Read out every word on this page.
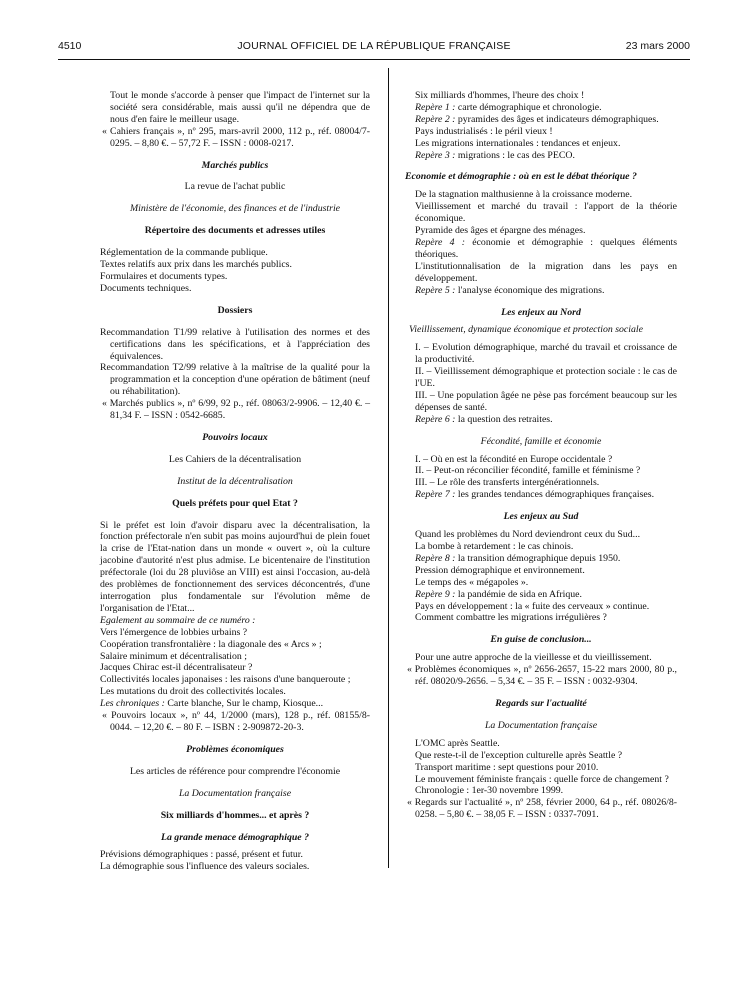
4510	JOURNAL OFFICIEL DE LA RÉPUBLIQUE FRANÇAISE	23 mars 2000

Tout le monde s'accorde à penser que l'impact de l'internet sur la société sera considérable, mais aussi qu'il ne dépendra que de nous d'en faire le meilleur usage.

« Cahiers français », nº 295, mars-avril 2000, 112 p., réf. 08004/7-0295. – 8,80 €. – 57,72 F. – ISSN : 0008-0217.

Marchés publics

La revue de l'achat public

Ministère de l'économie, des finances et de l'industrie

Répertoire des documents et adresses utiles

Réglementation de la commande publique.

Textes relatifs aux prix dans les marchés publics.

Formulaires et documents types.

Documents techniques.

Dossiers

Recommandation T1/99 relative à l'utilisation des normes et des certifications dans les spécifications, et à l'appréciation des équivalences.

Recommandation T2/99 relative à la maîtrise de la qualité pour la programmation et la conception d'une opération de bâtiment (neuf ou réhabilitation).

« Marchés publics », nº 6/99, 92 p., réf. 08063/2-9906. – 12,40 €. – 81,34 F. – ISSN : 0542-6685.

Pouvoirs locaux

Les Cahiers de la décentralisation

Institut de la décentralisation

Quels préfets pour quel Etat ?

Si le préfet est loin d'avoir disparu avec la décentralisation, la fonction préfectorale n'en subit pas moins aujourd'hui de plein fouet la crise de l'Etat-nation dans un monde « ouvert », où la culture jacobine d'autorité n'est plus admise. Le bicentenaire de l'institution préfectorale (loi du 28 pluviôse an VIII) est ainsi l'occasion, au-delà des problèmes de fonctionnement des services déconcentrés, d'une interrogation plus fondamentale sur l'évolution même de l'organisation de l'Etat...

Egalement au sommaire de ce numéro :

Vers l'émergence de lobbies urbains ?

Coopération transfrontalière : la diagonale des « Arcs » ;

Salaire minimum et décentralisation ;

Jacques Chirac est-il décentralisateur ?

Collectivités locales japonaises : les raisons d'une banqueroute ;

Les mutations du droit des collectivités locales.

Les chroniques : Carte blanche, Sur le champ, Kiosque...

« Pouvoirs locaux », nº 44, 1/2000 (mars), 128 p., réf. 08155/8-0044. – 12,20 €. – 80 F. – ISBN : 2-909872-20-3.

Problèmes économiques

Les articles de référence pour comprendre l'économie

La Documentation française

Six milliards d'hommes... et après ?

La grande menace démographique ?

Prévisions démographiques : passé, présent et futur.

La démographie sous l'influence des valeurs sociales.

Six milliards d'hommes, l'heure des choix !

Repère 1 : carte démographique et chronologie.

Repère 2 : pyramides des âges et indicateurs démographiques.

Pays industrialisés : le péril vieux !

Les migrations internationales : tendances et enjeux.

Repère 3 : migrations : le cas des PECO.

Economie et démographie : où en est le débat théorique ?

De la stagnation malthusienne à la croissance moderne.

Vieillissement et marché du travail : l'apport de la théorie économique.

Pyramide des âges et épargne des ménages.

Repère 4 : économie et démographie : quelques éléments théoriques.

L'institutionnalisation de la migration dans les pays en développement.

Repère 5 : l'analyse économique des migrations.

Les enjeux au Nord

Vieillissement, dynamique économique et protection sociale

I. – Evolution démographique, marché du travail et croissance de la productivité.

II. – Vieillissement démographique et protection sociale : le cas de l'UE.

III. – Une population âgée ne pèse pas forcément beaucoup sur les dépenses de santé.

Repère 6 : la question des retraites.

Fécondité, famille et économie

I. – Où en est la fécondité en Europe occidentale ?

II. – Peut-on réconcilier fécondité, famille et féminisme ?

III. – Le rôle des transferts intergénérationnels.

Repère 7 : les grandes tendances démographiques françaises.

Les enjeux au Sud

Quand les problèmes du Nord deviendront ceux du Sud...

La bombe à retardement : le cas chinois.

Repère 8 : la transition démographique depuis 1950.

Pression démographique et environnement.

Le temps des « mégapoles ».

Repère 9 : la pandémie de sida en Afrique.

Pays en développement : la « fuite des cerveaux » continue.

Comment combattre les migrations irrégulières ?

En guise de conclusion...

Pour une autre approche de la vieillesse et du vieillissement.

« Problèmes économiques », nº 2656-2657, 15-22 mars 2000, 80 p., réf. 08020/9-2656. – 5,34 €. – 35 F. – ISSN : 0032-9304.

Regards sur l'actualité

La Documentation française

L'OMC après Seattle.

Que reste-t-il de l'exception culturelle après Seattle ?

Transport maritime : sept questions pour 2010.

Le mouvement féministe français : quelle force de changement ?

Chronologie : 1er-30 novembre 1999.

« Regards sur l'actualité », nº 258, février 2000, 64 p., réf. 08026/8-0258. – 5,80 €. – 38,05 F. – ISSN : 0337-7091.
